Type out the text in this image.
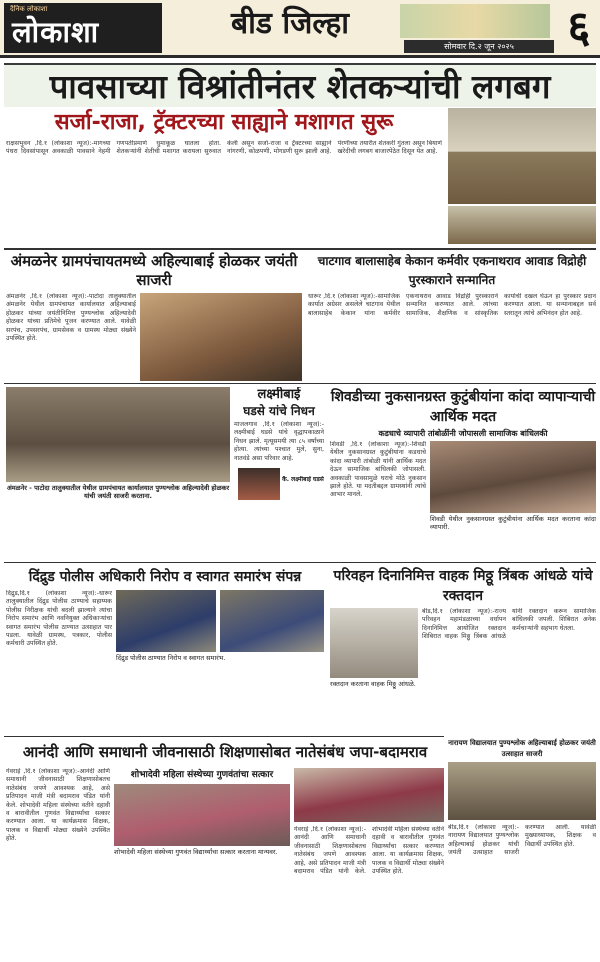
दैनिक लोकाशा
लोकाशा	बीड जिल्हा
सोमवार दि.२ जून २०२५	६
पावसाच्या विश्रांतीनंतर शेतकऱ्यांची लगबग
सर्जा-राजा, ट्रॅक्टरच्या साह्याने मशागत सुरू
राक्षसभुवन ,दि.१ (लोकाशा न्यूज):-मागच्या पंधरा दिवसांपासून अवकाळी पावसाने नेहमी गणपतीप्रमाणे धुमाकूळ घातला होता. शेतकऱ्यांनी शेतीची मशागत करायला सुरुवात केली असून सर्जा-राजा व ट्रॅक्टरच्या साह्याने नांगरणी, कोळपणी, मोगडणी सुरू झाली आहे. पेरणीच्या तयारीत शेतकरी गुंतला असून बियाणे खरेदीची लगबग बाजारपेठेत दिसून येत आहे.
अंमळनेर ग्रामपंचायतमध्ये अहिल्याबाई होळकर जयंती साजरी
अंमळनेर ,दि.१ (लोकाशा न्यूज):-पाटोदा तालुक्यातील अंमळनेर येथील ग्रामपंचायत कार्यालयात अहिल्याबाई होळकर यांच्या जयंतीनिमित्त पुण्यश्लोक अहिल्यादेवी होळकर यांच्या प्रतिमेचे पूजन करण्यात आले. यावेळी सरपंच, उपसरपंच, ग्रामसेवक व ग्रामस्थ मोठ्या संख्येने उपस्थित होते.
चाटगाव बालासाहेब केकान कर्मवीर एकनाथराव आवाड विद्रोही पुरस्काराने सन्मानित
धारूर ,दि.१ (लोकाशा न्यूज):-सामाजिक कार्यात अग्रेसर असलेले चाटगाव येथील बालासाहेब केकान यांना कर्मवीर एकनाथराव आवाड विद्रोही पुरस्काराने सन्मानित करण्यात आले. त्यांच्या सामाजिक, शैक्षणिक व सांस्कृतिक कार्याची दखल घेऊन हा पुरस्कार प्रदान करण्यात आला. या सन्मानाबद्दल सर्व स्तरातून त्यांचे अभिनंदन होत आहे.
अंमळनेर - पाटोदा तालुक्यातील येथील ग्रामपंचायत कार्यालयात पुण्यश्लोक अहिल्यादेवी होळकर यांची जयंती साजरी करताना.
लक्ष्मीबाई
घडसे यांचे निधन
माजलगाव ,दि.१ (लोकाशा न्यूज):-लक्ष्मीबाई घडसे यांचे वृद्धापकाळाने निधन झाले. मृत्यूसमयी त्या ८५ वर्षांच्या होत्या. त्यांच्या पश्चात मुले, सुना, नातवंडे असा परिवार आहे.
कै. लक्ष्मीबाई घडसे
शिवडीच्या नुकसानग्रस्त कुटुंबीयांना कांदा व्यापाऱ्याची आर्थिक मदत
कडधाचे व्यापारी तांबोळींनी जोपासली सामाजिक बांधिलकी
शिवडी ,दि.१ (लोकाशा न्यूज):-शिवडी येथील नुकसानग्रस्त कुटुंबीयांना कडधाचे कांदा व्यापारी तांबोळी यांनी आर्थिक मदत देऊन सामाजिक बांधिलकी जोपासली. अवकाळी पावसामुळे घराचे मोठे नुकसान झाले होते. या मदतीबद्दल ग्रामस्थांनी त्यांचे आभार मानले.
शिवडी येथील नुकसानग्रस्त कुटुंबीयांना आर्थिक मदत करताना कांदा व्यापारी.
दिंद्रुड पोलीस अधिकारी निरोप व स्वागत समारंभ संपन्न
दिंद्रुड,दि.१ (लोकाशा न्यूज):-धारूर तालुक्यातील दिंद्रुड पोलीस ठाण्याचे सहाय्यक पोलीस निरीक्षक यांची बदली झाल्याने त्यांचा निरोप समारंभ आणि नवनियुक्त अधिकाऱ्यांचा स्वागत समारंभ पोलीस ठाण्यात उत्साहात पार पडला. यावेळी ग्रामस्थ, पत्रकार, पोलीस कर्मचारी उपस्थित होते.
दिंद्रुड पोलीस ठाण्यात निरोप व स्वागत समारंभ.
परिवहन दिनानिमित्त वाहक मिठ्ठू त्रिंबक आंधळे यांचे रक्तदान
बीड,दि.१ (लोकाशा न्यूज):-राज्य परिवहन महामंडळाच्या वर्धापन दिनानिमित्त आयोजित रक्तदान शिबिरात वाहक मिठ्ठू त्रिंबक आंधळे यांनी रक्तदान करून सामाजिक बांधिलकी जपली. शिबिरात अनेक कर्मचाऱ्यांनी सहभाग घेतला.
रक्तदान करताना वाहक मिठ्ठू आंधळे.
नारायण विद्यालयात पुण्यश्लोक अहिल्याबाई होळकर जयंती उत्साहात साजरी
बीड,दि.१ (लोकाशा न्यूज):-नारायण विद्यालयात पुण्यश्लोक अहिल्याबाई होळकर यांची जयंती उत्साहात साजरी करण्यात आली. यावेळी मुख्याध्यापक, शिक्षक व विद्यार्थी उपस्थित होते.
आनंदी आणि समाधानी जीवनासाठी शिक्षणासोबत नातेसंबंध जपा-बदामराव
गेवराई ,दि.१ (लोकाशा न्यूज):-आनंदी आणि समाधानी जीवनासाठी शिक्षणासोबतच नातेसंबंध जपणे आवश्यक आहे, असे प्रतिपादन माजी मंत्री बदामराव पंडित यांनी केले. शोभादेवी महिला संस्थेच्या वतीने दहावी व बारावीतील गुणवंत विद्यार्थ्यांचा सत्कार करण्यात आला. या कार्यक्रमास शिक्षक, पालक व विद्यार्थी मोठ्या संख्येने उपस्थित होते.
शोभादेवी महिला संस्थेच्या गुणवंतांचा सत्कार
शोभादेवी महिला संस्थेच्या गुणवंत विद्यार्थ्यांचा सत्कार करताना मान्यवर.
गेवराई ,दि.१ (लोकाशा न्यूज):-आनंदी आणि समाधानी जीवनासाठी शिक्षणासोबतच नातेसंबंध जपणे आवश्यक आहे, असे प्रतिपादन माजी मंत्री बदामराव पंडित यांनी केले. शोभादेवी महिला संस्थेच्या वतीने दहावी व बारावीतील गुणवंत विद्यार्थ्यांचा सत्कार करण्यात आला. या कार्यक्रमास शिक्षक, पालक व विद्यार्थी मोठ्या संख्येने उपस्थित होते.
